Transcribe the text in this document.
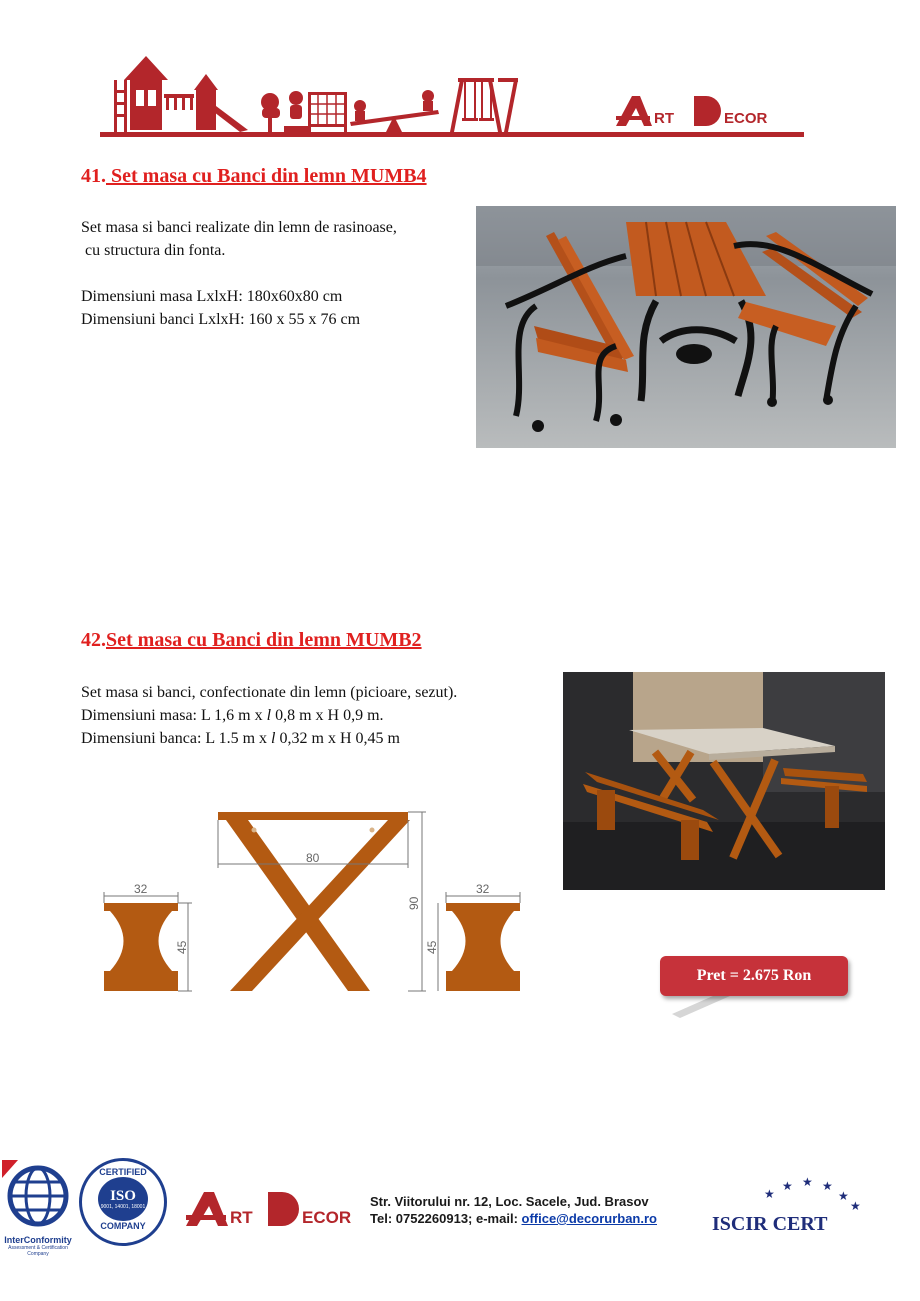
RT	ECOR
41. Set masa cu Banci din lemn MUMB4

Set masa si banci realizate din lemn de rasinoase,

cu structura din fonta.

Dimensiuni masa LxlxH: 180x60x80 cm

Dimensiuni banci LxlxH: 160 x 55 x 76 cm

42.Set masa cu Banci din lemn MUMB2

Set masa si banci, confectionate din lemn (picioare, sezut).

Dimensiuni masa: L 1,6 m x l 0,8 m x H 0,9 m.

Dimensiuni banca: L 1.5 m x l 0,32 m x H 0,45 m

32
45
80
90
45
32
Pret = 2.675 Ron
InterConformity
Assessment & Certification Company
CERTIFIED
ISO
9001, 14001, 18001
COMPANY	RT	ECOR
Str. Viitorului nr. 12, Loc. Sacele, Jud. Brasov
Tel: 0752260913; e-mail: office@decorurban.ro
★ ★ ★
★
★
★
ISCIR CERT
